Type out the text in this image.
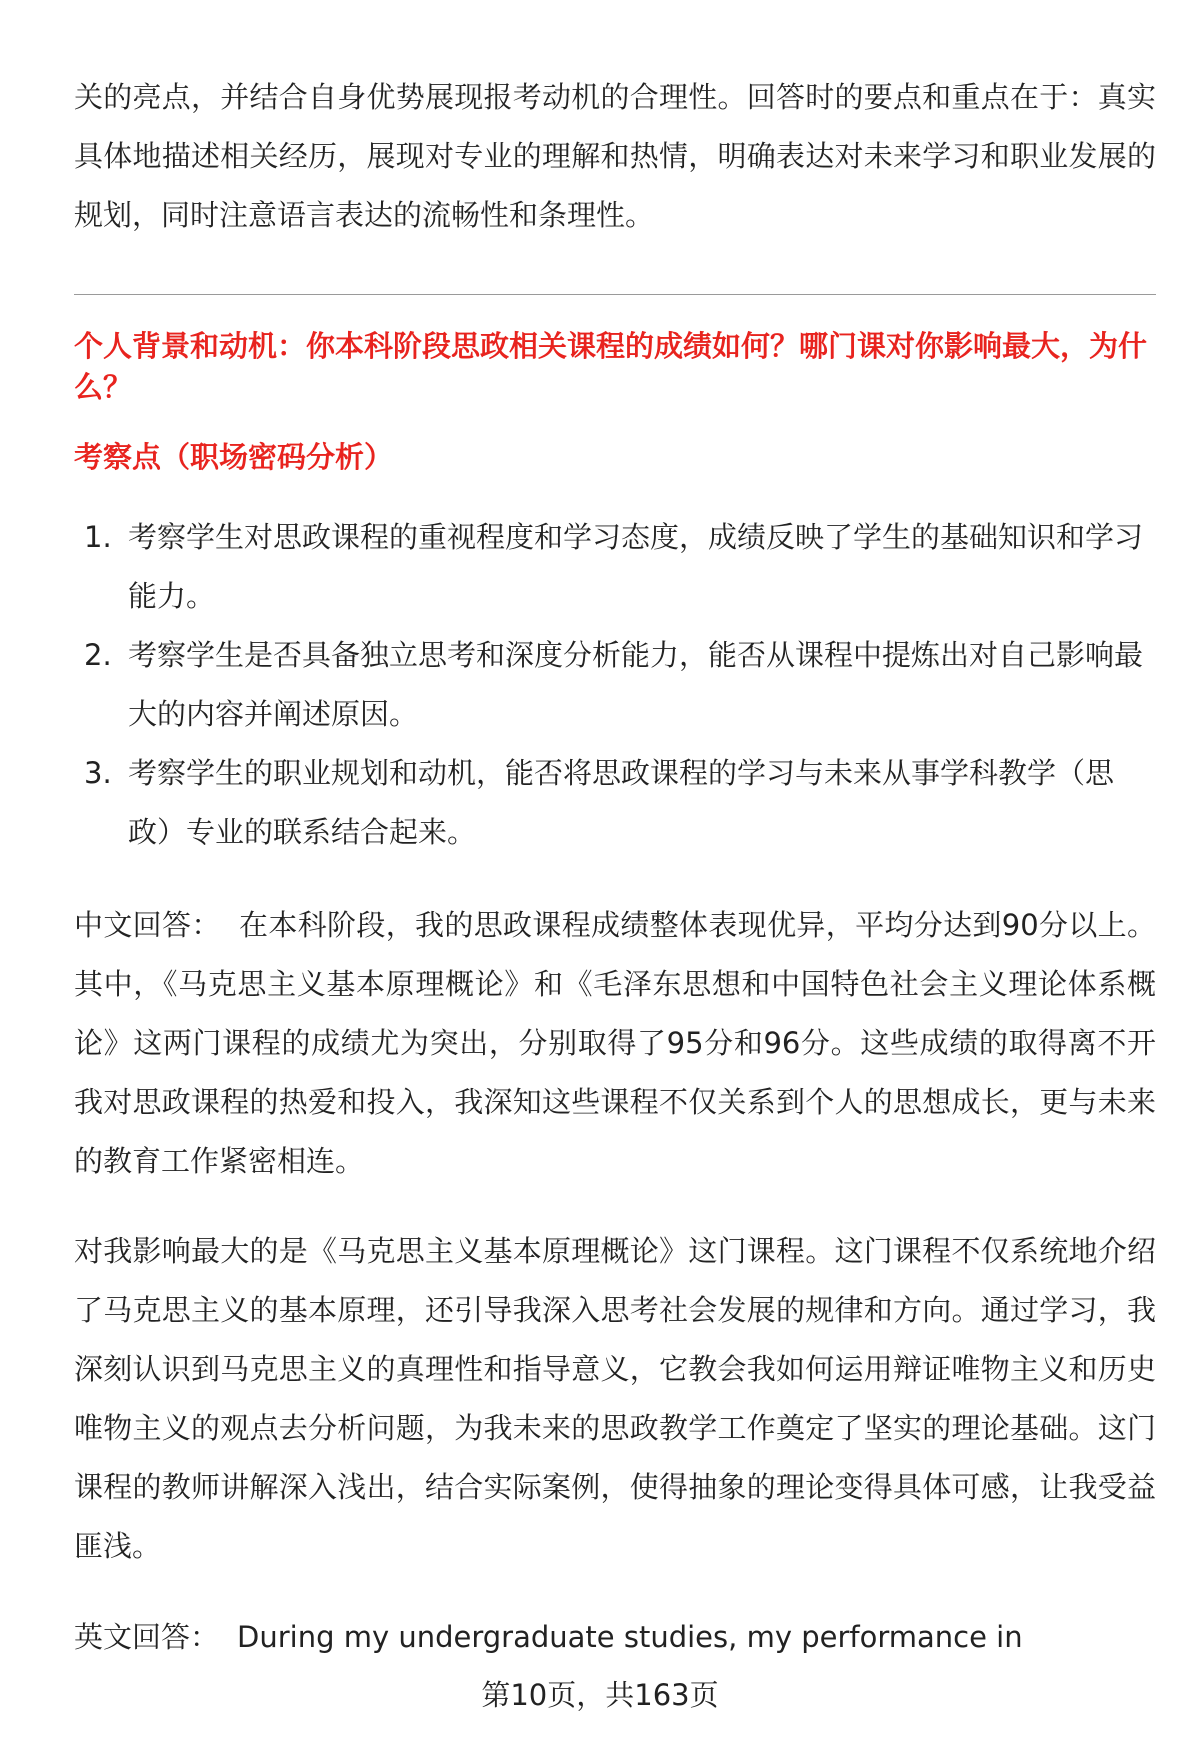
关的亮点，并结合自身优势展现报考动机的合理性。回答时的要点和重点在于：真实具体地描述相关经历，展现对专业的理解和热情，明确表达对未来学习和职业发展的规划，同时注意语言表达的流畅性和条理性。

个人背景和动机：你本科阶段思政相关课程的成绩如何？哪门课对你影响最大，为什么？

考察点（职场密码分析）

1. 考察学生对思政课程的重视程度和学习态度，成绩反映了学生的基础知识和学习能力。
2. 考察学生是否具备独立思考和深度分析能力，能否从课程中提炼出对自己影响最大的内容并阐述原因。
3. 考察学生的职业规划和动机，能否将思政课程的学习与未来从事学科教学（思政）专业的联系结合起来。

中文回答： 在本科阶段，我的思政课程成绩整体表现优异，平均分达到90分以上。其中，《马克思主义基本原理概论》和《毛泽东思想和中国特色社会主义理论体系概论》这两门课程的成绩尤为突出，分别取得了95分和96分。这些成绩的取得离不开我对思政课程的热爱和投入，我深知这些课程不仅关系到个人的思想成长，更与未来的教育工作紧密相连。

对我影响最大的是《马克思主义基本原理概论》这门课程。这门课程不仅系统地介绍了马克思主义的基本原理，还引导我深入思考社会发展的规律和方向。通过学习，我深刻认识到马克思主义的真理性和指导意义，它教会我如何运用辩证唯物主义和历史唯物主义的观点去分析问题，为我未来的思政教学工作奠定了坚实的理论基础。这门课程的教师讲解深入浅出，结合实际案例，使得抽象的理论变得具体可感，让我受益匪浅。

英文回答： During my undergraduate studies, my performance in

第10页，共163页
